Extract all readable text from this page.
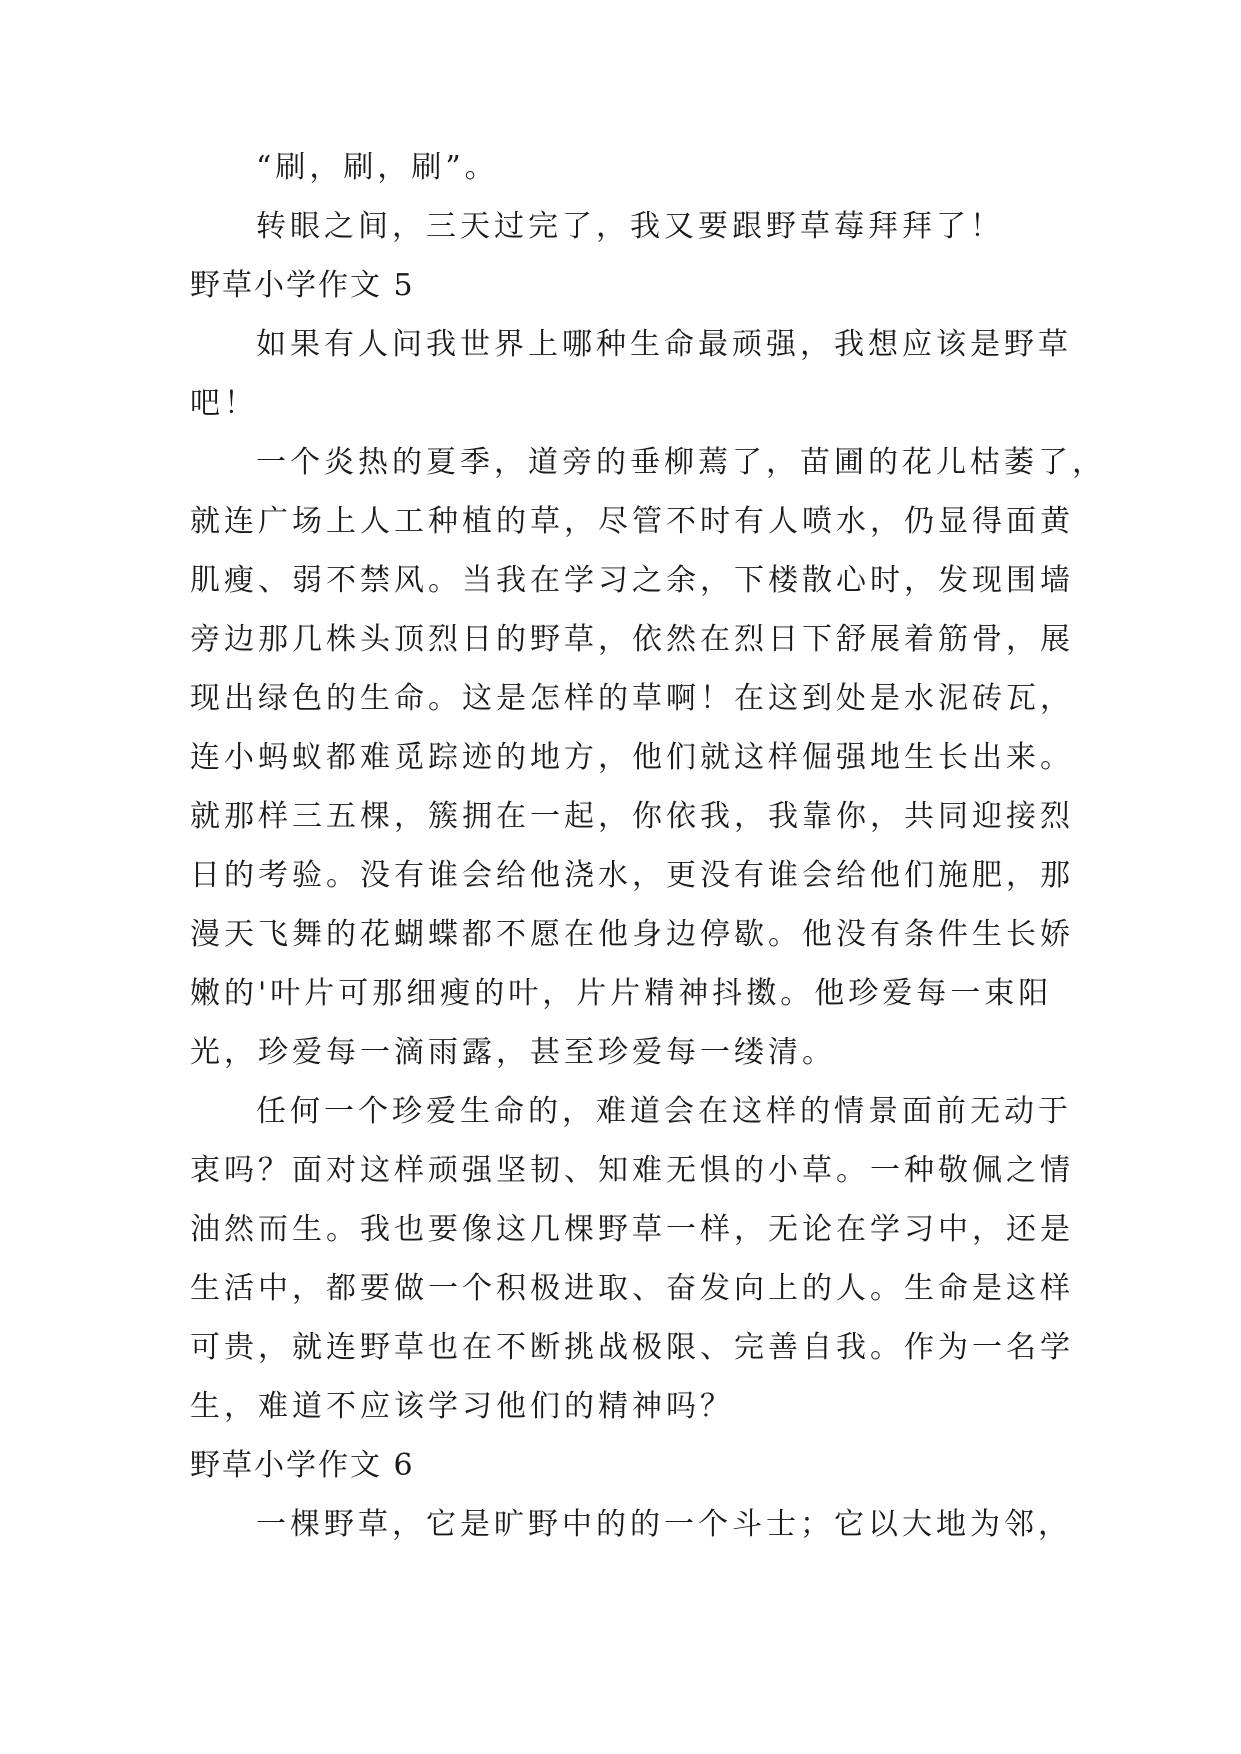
“刷，刷，刷”。
转眼之间，三天过完了，我又要跟野草莓拜拜了！
野草小学作文 5
如果有人问我世界上哪种生命最顽强，我想应该是野草
吧！
一个炎热的夏季，道旁的垂柳蔫了，苗圃的花儿枯萎了，
就连广场上人工种植的草，尽管不时有人喷水，仍显得面黄
肌瘦、弱不禁风。当我在学习之余，下楼散心时，发现围墙
旁边那几株头顶烈日的野草，依然在烈日下舒展着筋骨，展
现出绿色的生命。这是怎样的草啊！在这到处是水泥砖瓦，
连小蚂蚁都难觅踪迹的地方，他们就这样倔强地生长出来。
就那样三五棵，簇拥在一起，你依我，我靠你，共同迎接烈
日的考验。没有谁会给他浇水，更没有谁会给他们施肥，那
漫天飞舞的花蝴蝶都不愿在他身边停歇。他没有条件生长娇
嫩的'叶片可那细瘦的叶，片片精神抖擞。他珍爱每一束阳
光，珍爱每一滴雨露，甚至珍爱每一缕清。
任何一个珍爱生命的，难道会在这样的情景面前无动于
衷吗？面对这样顽强坚韧、知难无惧的小草。一种敬佩之情
油然而生。我也要像这几棵野草一样，无论在学习中，还是
生活中，都要做一个积极进取、奋发向上的人。生命是这样
可贵，就连野草也在不断挑战极限、完善自我。作为一名学
生，难道不应该学习他们的精神吗？
野草小学作文 6
一棵野草，它是旷野中的的一个斗士；它以大地为邻，
